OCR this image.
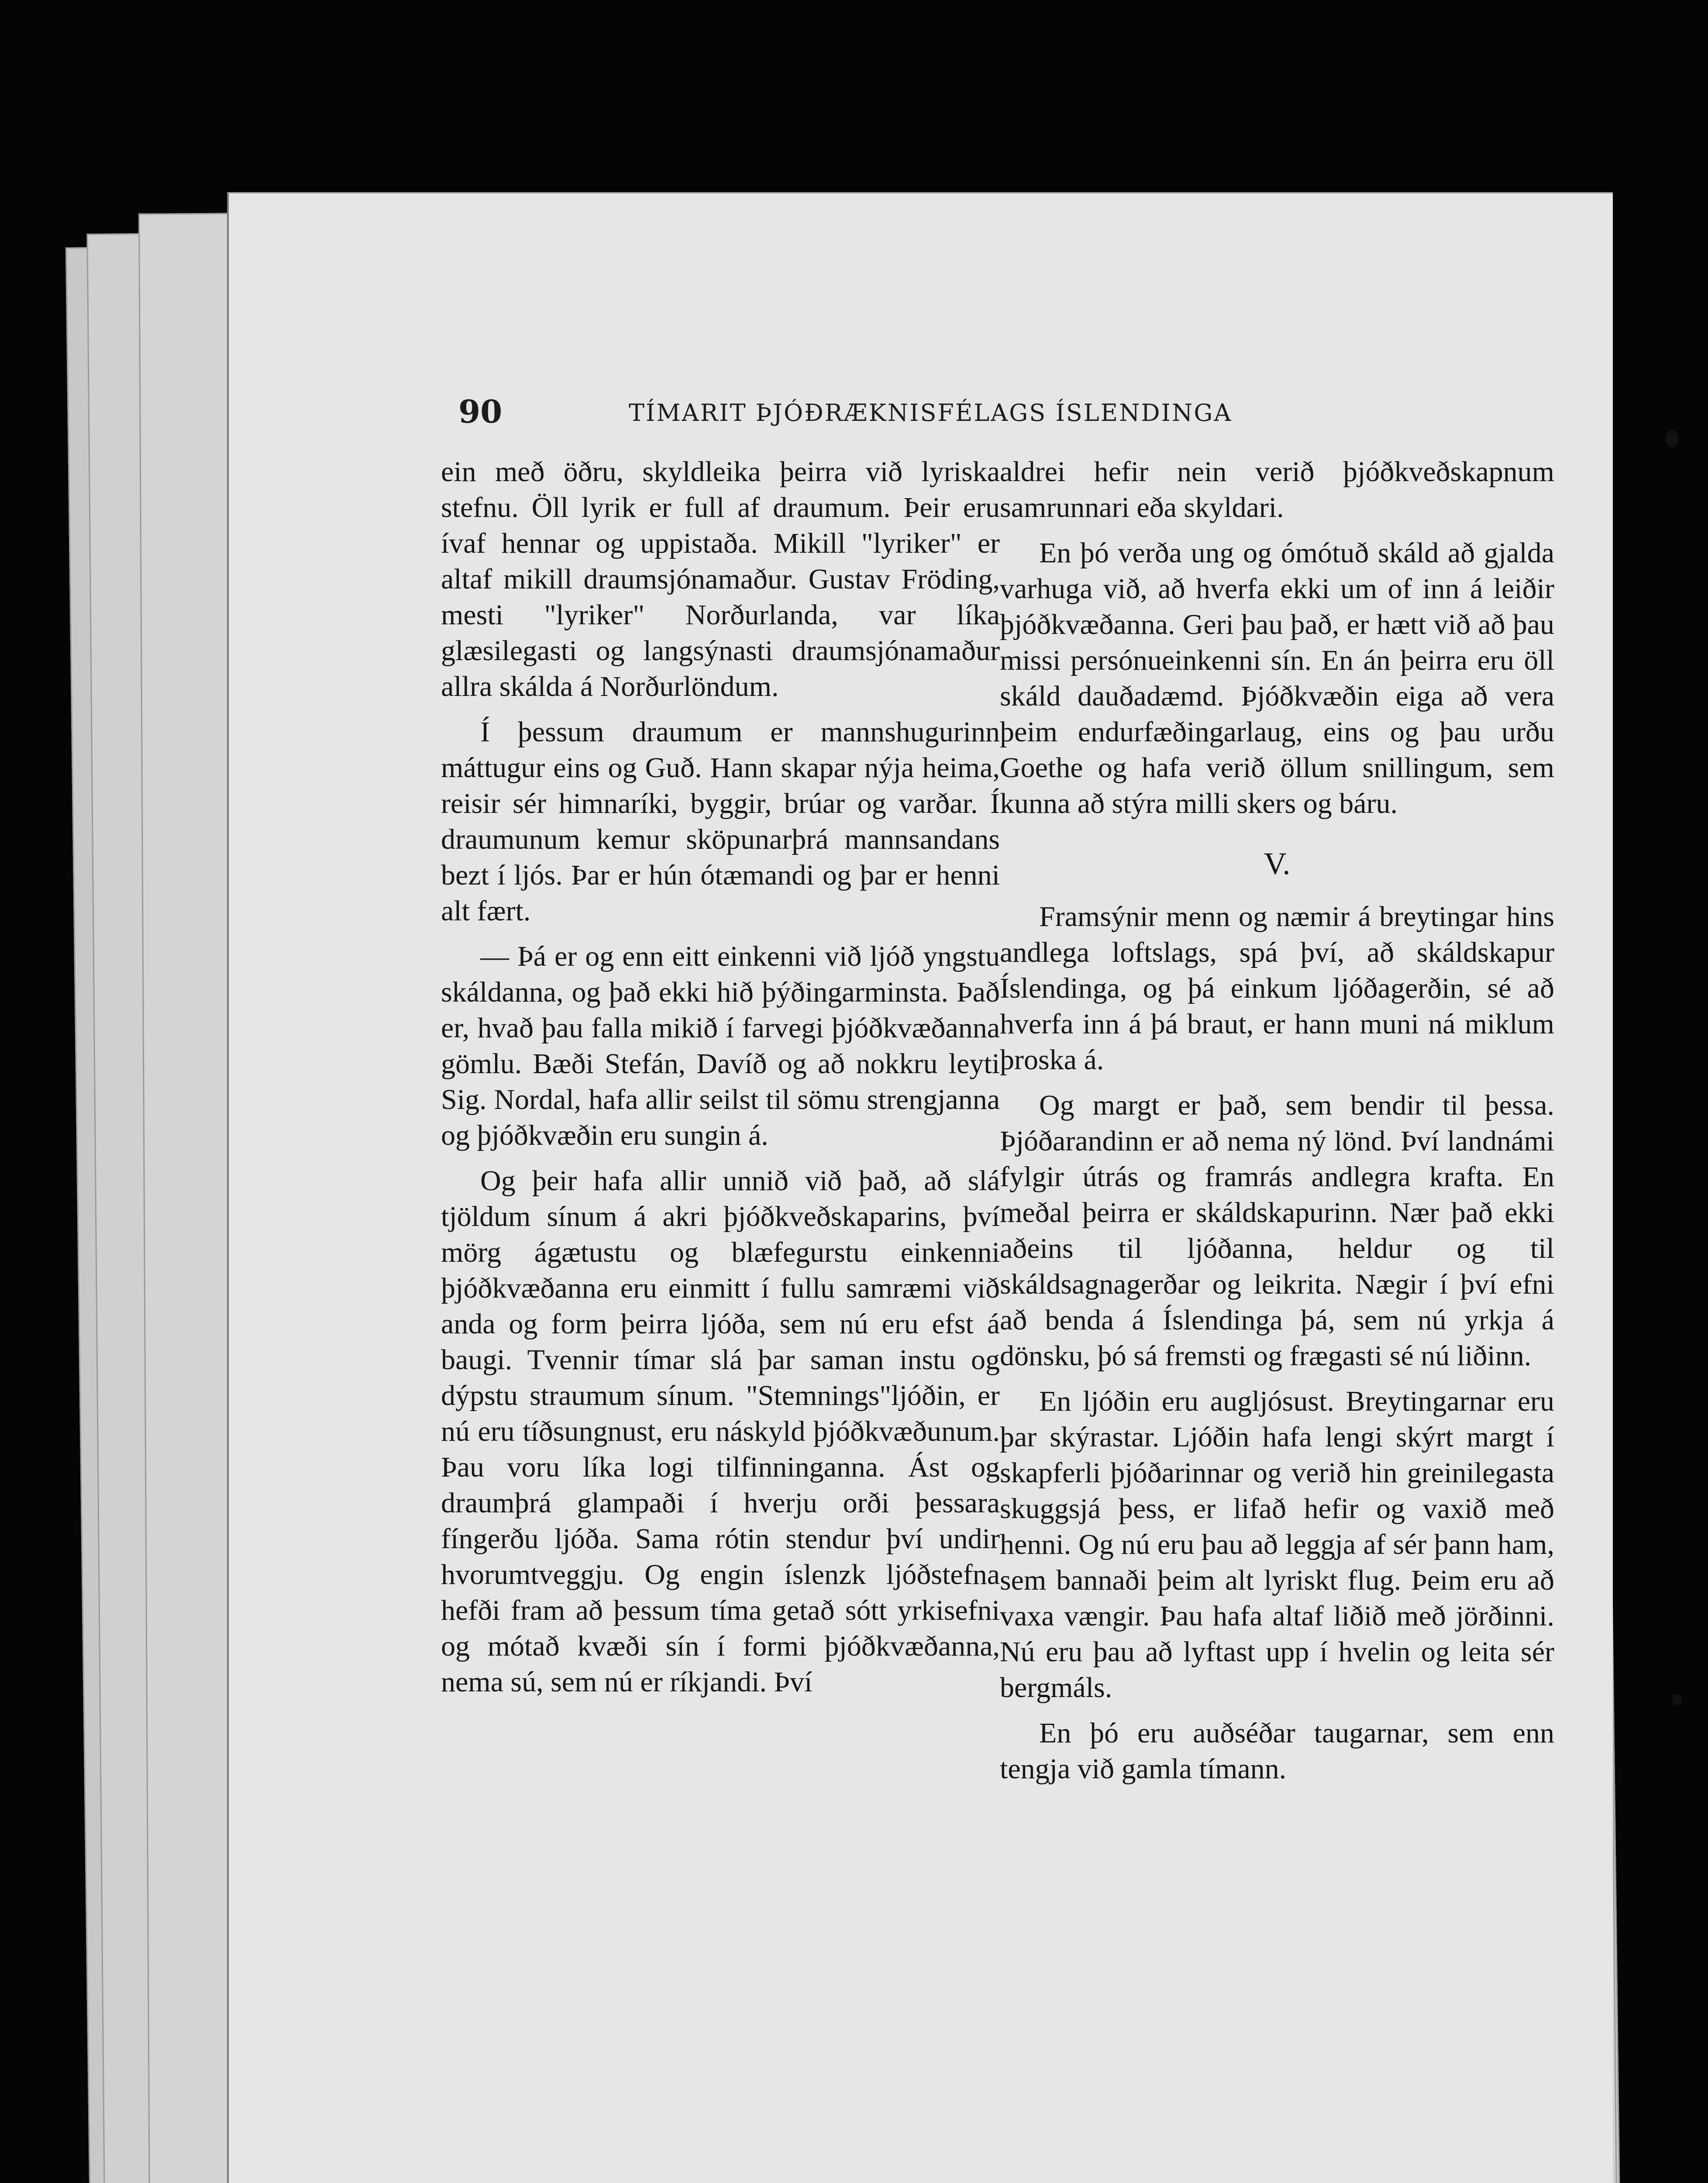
90	TÍMARIT ÞJÓÐRÆKNISFÉLAGS ÍSLENDINGA

ein með öðru, skyldleika þeirra við lyriska stefnu. Öll lyrik er full af draumum. Þeir eru ívaf hennar og uppistaða. Mikill "lyriker" er altaf mikill draumsjónamaður. Gustav Fröding, mesti "lyriker" Norðurlanda, var líka glæsilegasti og langsýnasti draumsjónamaður allra skálda á Norðurlöndum.

Í þessum draumum er mannshugurinn máttugur eins og Guð. Hann skapar nýja heima, reisir sér himnaríki, byggir, brúar og varðar. Í draumunum kemur sköpunarþrá mannsandans bezt í ljós. Þar er hún ótæmandi og þar er henni alt fært.

— Þá er og enn eitt einkenni við ljóð yngstu skáldanna, og það ekki hið þýðingarminsta. Það er, hvað þau falla mikið í farvegi þjóðkvæðanna gömlu. Bæði Stefán, Davíð og að nokkru leyti Sig. Nordal, hafa allir seilst til sömu strengjanna og þjóðkvæðin eru sungin á.

Og þeir hafa allir unnið við það, að slá tjöldum sínum á akri þjóðkveðskaparins, því mörg ágætustu og blæfegurstu einkenni þjóðkvæðanna eru einmitt í fullu samræmi við anda og form þeirra ljóða, sem nú eru efst á baugi. Tvennir tímar slá þar saman instu og dýpstu straumum sínum. "Stemnings"ljóðin, er nú eru tíðsungnust, eru náskyld þjóðkvæðunum. Þau voru líka logi tilfinninganna. Ást og draumþrá glampaði í hverju orði þessara fíngerðu ljóða. Sama rótin stendur því undir hvorumtveggju. Og engin íslenzk ljóðstefna hefði fram að þessum tíma getað sótt yrkisefni og mótað kvæði sín í formi þjóðkvæðanna, nema sú, sem nú er ríkjandi. Því

aldrei hefir nein verið þjóðkveðskapnum samrunnari eða skyldari.

En þó verða ung og ómótuð skáld að gjalda varhuga við, að hverfa ekki um of inn á leiðir þjóðkvæðanna. Geri þau það, er hætt við að þau missi persónueinkenni sín. En án þeirra eru öll skáld dauðadæmd. Þjóðkvæðin eiga að vera þeim endurfæðingarlaug, eins og þau urðu Goethe og hafa verið öllum snillingum, sem kunna að stýra milli skers og báru.

V.

Framsýnir menn og næmir á breytingar hins andlega loftslags, spá því, að skáldskapur Íslendinga, og þá einkum ljóðagerðin, sé að hverfa inn á þá braut, er hann muni ná miklum þroska á.

Og margt er það, sem bendir til þessa. Þjóðarandinn er að nema ný lönd. Því landnámi fylgir útrás og framrás andlegra krafta. En meðal þeirra er skáldskapurinn. Nær það ekki aðeins til ljóðanna, heldur og til skáldsagnagerðar og leikrita. Nægir í því efni að benda á Íslendinga þá, sem nú yrkja á dönsku, þó sá fremsti og frægasti sé nú liðinn.

En ljóðin eru augljósust. Breytingarnar eru þar skýrastar. Ljóðin hafa lengi skýrt margt í skapferli þjóðarinnar og verið hin greinilegasta skuggsjá þess, er lifað hefir og vaxið með henni. Og nú eru þau að leggja af sér þann ham, sem bannaði þeim alt lyriskt flug. Þeim eru að vaxa vængir. Þau hafa altaf liðið með jörðinni. Nú eru þau að lyftast upp í hvelin og leita sér bergmáls.

En þó eru auðséðar taugarnar, sem enn tengja við gamla tímann.
